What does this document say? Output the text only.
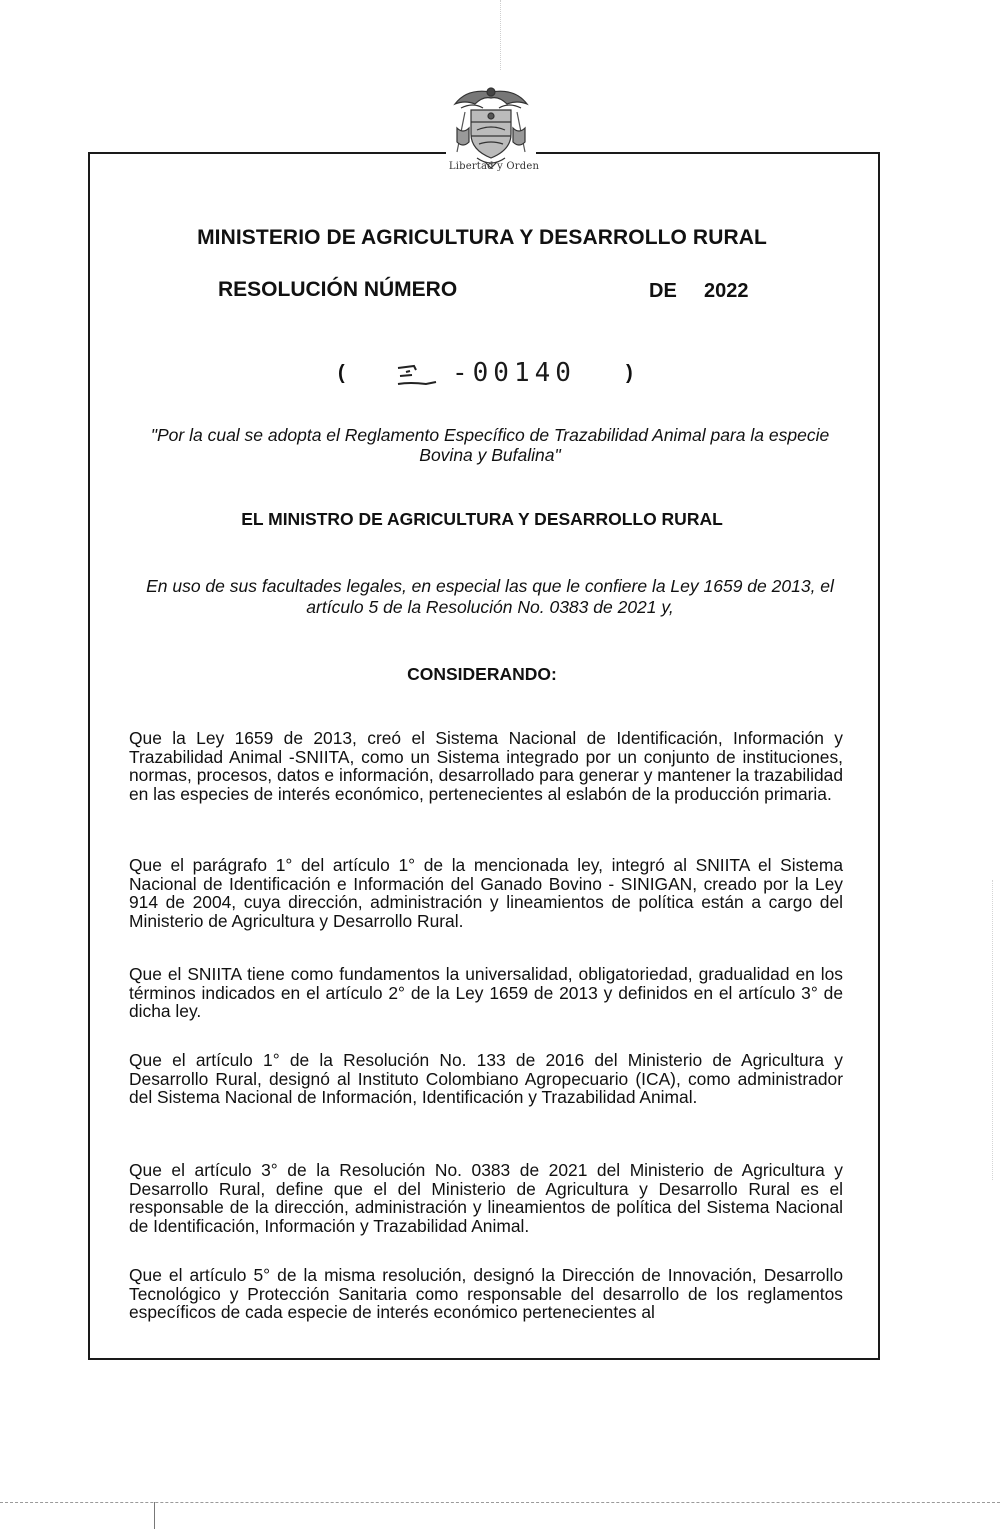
Libertad y Orden
MINISTERIO DE AGRICULTURA Y DESARROLLO RURAL
RESOLUCIÓN NÚMERO	DE 2022
(	-00140	)
"Por la cual se adopta el Reglamento Específico de Trazabilidad Animal para la especie Bovina y Bufalina"
EL MINISTRO DE AGRICULTURA Y DESARROLLO RURAL
En uso de sus facultades legales, en especial las que le confiere la Ley 1659 de 2013, el artículo 5 de la Resolución No. 0383 de 2021 y,
CONSIDERANDO:

Que la Ley 1659 de 2013, creó el Sistema Nacional de Identificación, Información y Trazabilidad Animal -SNIITA, como un Sistema integrado por un conjunto de instituciones, normas, procesos, datos e información, desarrollado para generar y mantener la trazabilidad en las especies de interés económico, pertenecientes al eslabón de la producción primaria.

Que el parágrafo 1° del artículo 1° de la mencionada ley, integró al SNIITA el Sistema Nacional de Identificación e Información del Ganado Bovino - SINIGAN, creado por la Ley 914 de 2004, cuya dirección, administración y lineamientos de política están a cargo del Ministerio de Agricultura y Desarrollo Rural.

Que el SNIITA tiene como fundamentos la universalidad, obligatoriedad, gradualidad en los términos indicados en el artículo 2° de la Ley 1659 de 2013 y definidos en el artículo 3° de dicha ley.

Que el artículo 1° de la Resolución No. 133 de 2016 del Ministerio de Agricultura y Desarrollo Rural, designó al Instituto Colombiano Agropecuario (ICA), como administrador del Sistema Nacional de Información, Identificación y Trazabilidad Animal.

Que el artículo 3° de la Resolución No. 0383 de 2021 del Ministerio de Agricultura y Desarrollo Rural, define que el del Ministerio de Agricultura y Desarrollo Rural es el responsable de la dirección, administración y lineamientos de política del Sistema Nacional de Identificación, Información y Trazabilidad Animal.

Que el artículo 5° de la misma resolución, designó la Dirección de Innovación, Desarrollo Tecnológico y Protección Sanitaria como responsable del desarrollo de los reglamentos específicos de cada especie de interés económico pertenecientes al
